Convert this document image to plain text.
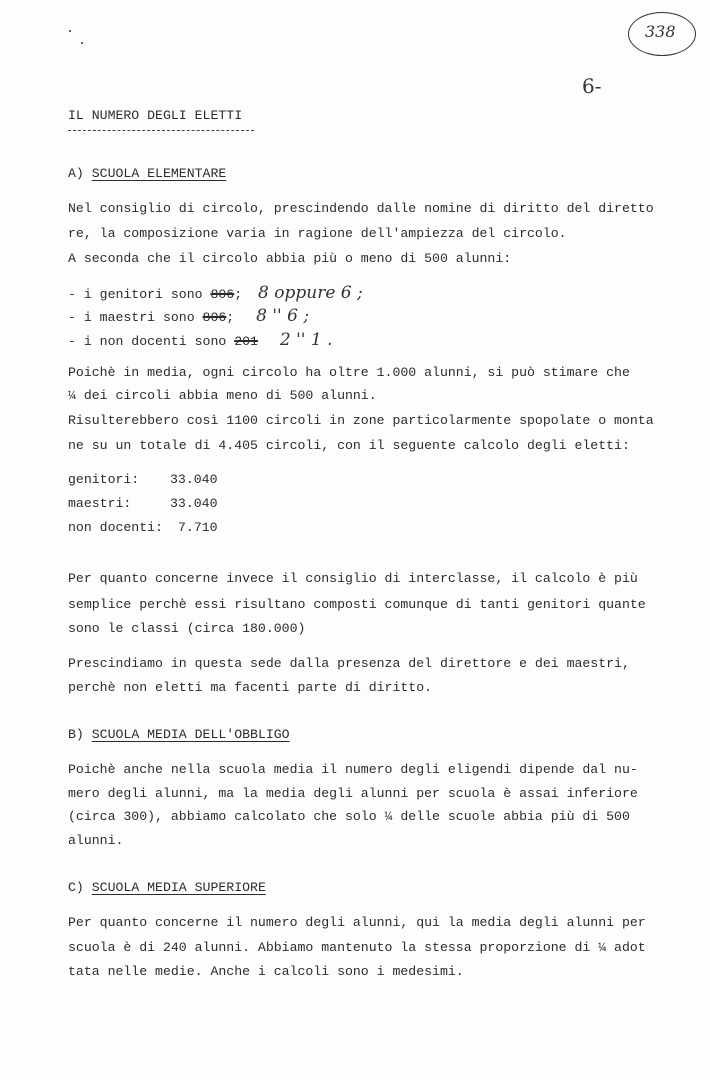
338
6-
IL NUMERO DEGLI ELETTI
A) SCUOLA ELEMENTARE
Nel consiglio di circolo, prescindendo dalle nomine di diritto del diretto
re, la composizione varia in ragione dell'ampiezza del circolo.
A seconda che il circolo abbia più o meno di 500 alunni:
- i genitori sono 806; 8 oppure 6 ;
- i maestri sono 806; 8 '' 6 ;
- i non docenti sono 201 2 '' 1 .
Poichè in media, ogni circolo ha oltre 1.000 alunni, si può stimare che
¼ dei circoli abbia meno di 500 alunni.
Risulterebbero così 1100 circoli in zone particolarmente spopolate o monta
ne su un totale di 4.405 circoli, con il seguente calcolo degli eletti:
genitori: 33.040
maestri:	33.040
non docenti: 7.710
Per quanto concerne invece il consiglio di interclasse, il calcolo è più
semplice perchè essi risultano composti comunque di tanti genitori quante
sono le classi (circa 180.000)
Prescindiamo in questa sede dalla presenza del direttore e dei maestri,
perchè non eletti ma facenti parte di diritto.
B) SCUOLA MEDIA DELL'OBBLIGO
Poichè anche nella scuola media il numero degli eligendi dipende dal nu-
mero degli alunni, ma la media degli alunni per scuola è assai inferiore
(circa 300), abbiamo calcolato che solo ¼ delle scuole abbia più di 500
alunni.
C) SCUOLA MEDIA SUPERIORE
Per quanto concerne il numero degli alunni, qui la media degli alunni per
scuola è di 240 alunni. Abbiamo mantenuto la stessa proporzione di ¼ adot
tata nelle medie. Anche i calcoli sono i medesimi.
